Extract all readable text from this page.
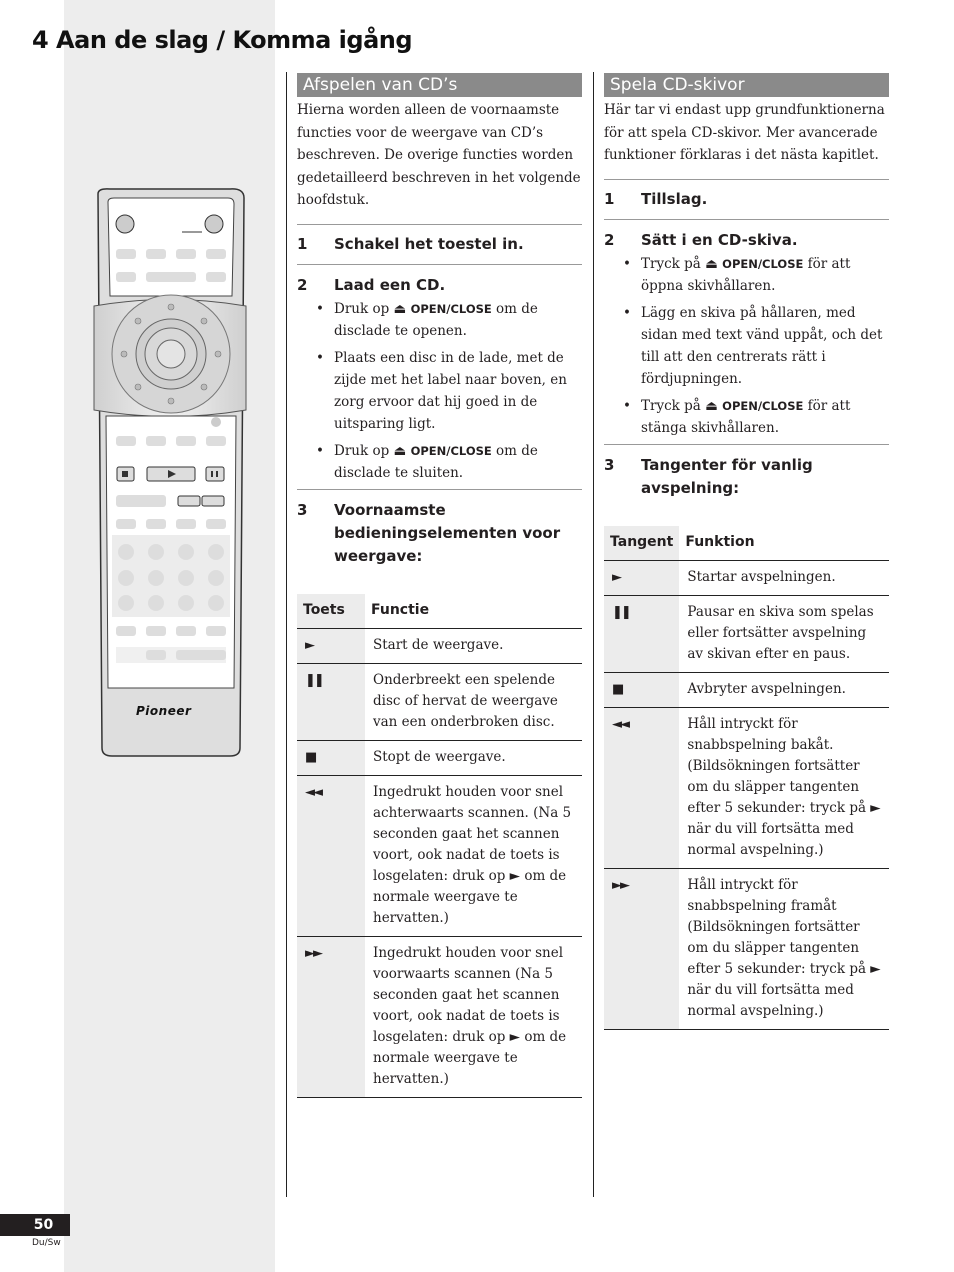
4 Aan de slag / Komma igång
Pioneer
Afspelen van CD’s
Hierna worden alleen de voornaamste functies voor de weergave van CD’s beschreven. De overige functies worden gedetailleerd beschreven in het volgende hoofdstuk.
1	Schakel het toestel in.
2	Laad een CD.
• Druk op ⏏ OPEN/CLOSE om de disclade te openen.
• Plaats een disc in de lade, met de zijde met het label naar boven, en zorg ervoor dat hij goed in de uitsparing ligt.
• Druk op ⏏ OPEN/CLOSE om de disclade te sluiten.
3	Voornaamste bedieningselementen voor weergave:
Toets	Functie
►	Start de weergave.
❚❚	Onderbreekt een spelende disc of hervat de weergave van een onderbroken disc.
■	Stopt de weergave.
◄◄	Ingedrukt houden voor snel achterwaarts scannen. (Na 5 seconden gaat het scannen voort, ook nadat de toets is losgelaten: druk op ► om de normale weergave te hervatten.)
►►	Ingedrukt houden voor snel voorwaarts scannen (Na 5 seconden gaat het scannen voort, ook nadat de toets is losgelaten: druk op ► om de normale weergave te hervatten.)
Spela CD-skivor
Här tar vi endast upp grundfunktionerna för att spela CD-skivor. Mer avancerade funktioner förklaras i det nästa kapitlet.
1	Tillslag.
2	Sätt i en CD-skiva.
• Tryck på ⏏ OPEN/CLOSE för att öppna skivhållaren.
• Lägg en skiva på hållaren, med sidan med text vänd uppåt, och det till att den centrerats rätt i fördjupningen.
• Tryck på ⏏ OPEN/CLOSE för att stänga skivhållaren.
3	Tangenter för vanlig avspelning:
Tangent	Funktion
►	Startar avspelningen.
❚❚	Pausar en skiva som spelas eller fortsätter avspelning av skivan efter en paus.
■	Avbryter avspelningen.
◄◄	Håll intryckt för snabbspelning bakåt. (Bildsökningen fortsätter om du släpper tangenten efter 5 sekunder: tryck på ► när du vill fortsätta med normal avspelning.)
►►	Håll intryckt för snabbspelning framåt (Bildsökningen fortsätter om du släpper tangenten efter 5 sekunder: tryck på ► när du vill fortsätta med normal avspelning.)
50
Du/Sw
